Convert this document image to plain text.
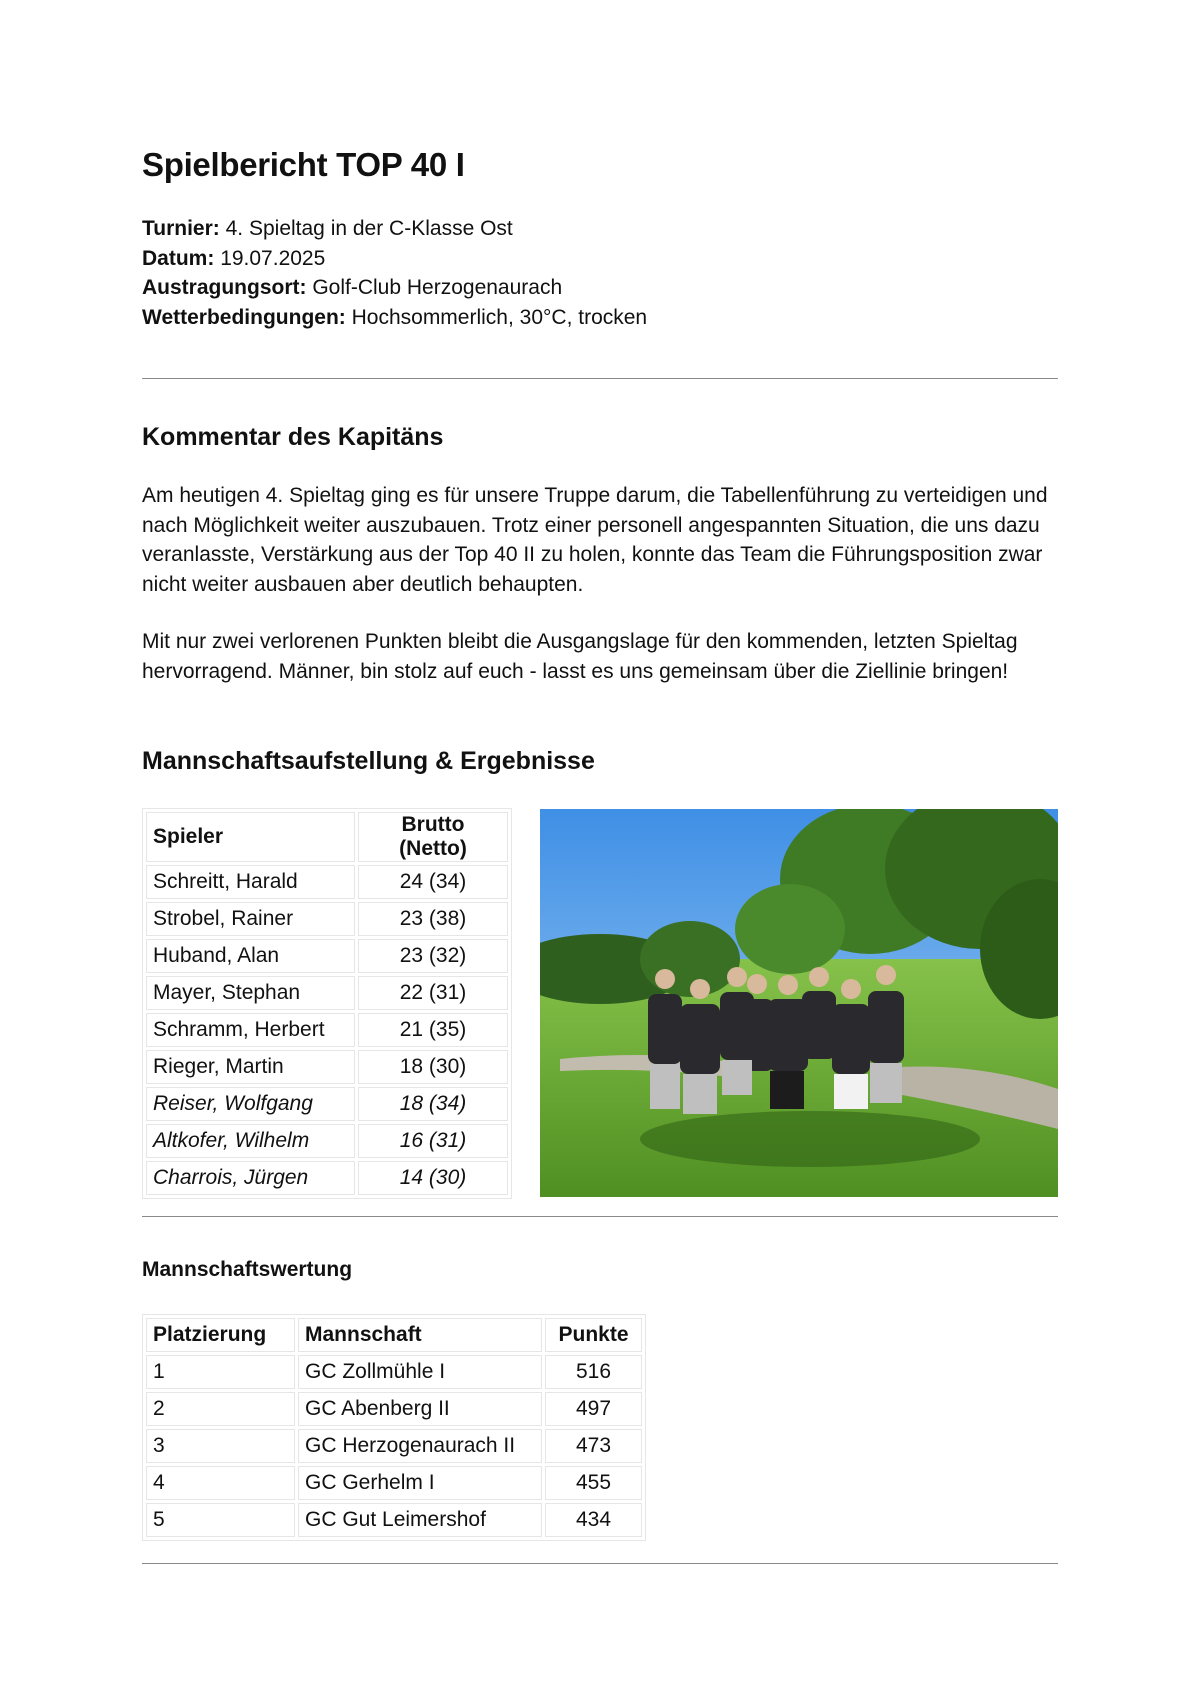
Spielbericht TOP 40 I
Turnier: 4. Spieltag in der C-Klasse Ost
Datum: 19.07.2025
Austragungsort: Golf-Club Herzogenaurach
Wetterbedingungen: Hochsommerlich, 30°C, trocken
Kommentar des Kapitäns

Am heutigen 4. Spieltag ging es für unsere Truppe darum, die Tabellenführung zu verteidigen und nach Möglichkeit weiter auszubauen. Trotz einer personell angespannten Situation, die uns dazu veranlasste, Verstärkung aus der Top 40 II zu holen, konnte das Team die Führungsposition zwar nicht weiter ausbauen aber deutlich behaupten.

Mit nur zwei verlorenen Punkten bleibt die Ausgangslage für den kommenden, letzten Spieltag hervorragend. Männer, bin stolz auf euch - lasst es uns gemeinsam über die Ziellinie bringen!

Mannschaftsaufstellung & Ergebnisse
Spieler	Brutto (Netto)
Schreitt, Harald	24 (34)
Strobel, Rainer	23 (38)
Huband, Alan	23 (32)
Mayer, Stephan	22 (31)
Schramm, Herbert	21 (35)
Rieger, Martin	18 (30)
Reiser, Wolfgang	18 (34)
Altkofer, Wilhelm	16 (31)
Charrois, Jürgen	14 (30)
Mannschaftswertung
Platzierung	Mannschaft	Punkte
1	GC Zollmühle I	516
2	GC Abenberg II	497
3	GC Herzogenaurach II	473
4	GC Gerhelm I	455
5	GC Gut Leimershof	434
